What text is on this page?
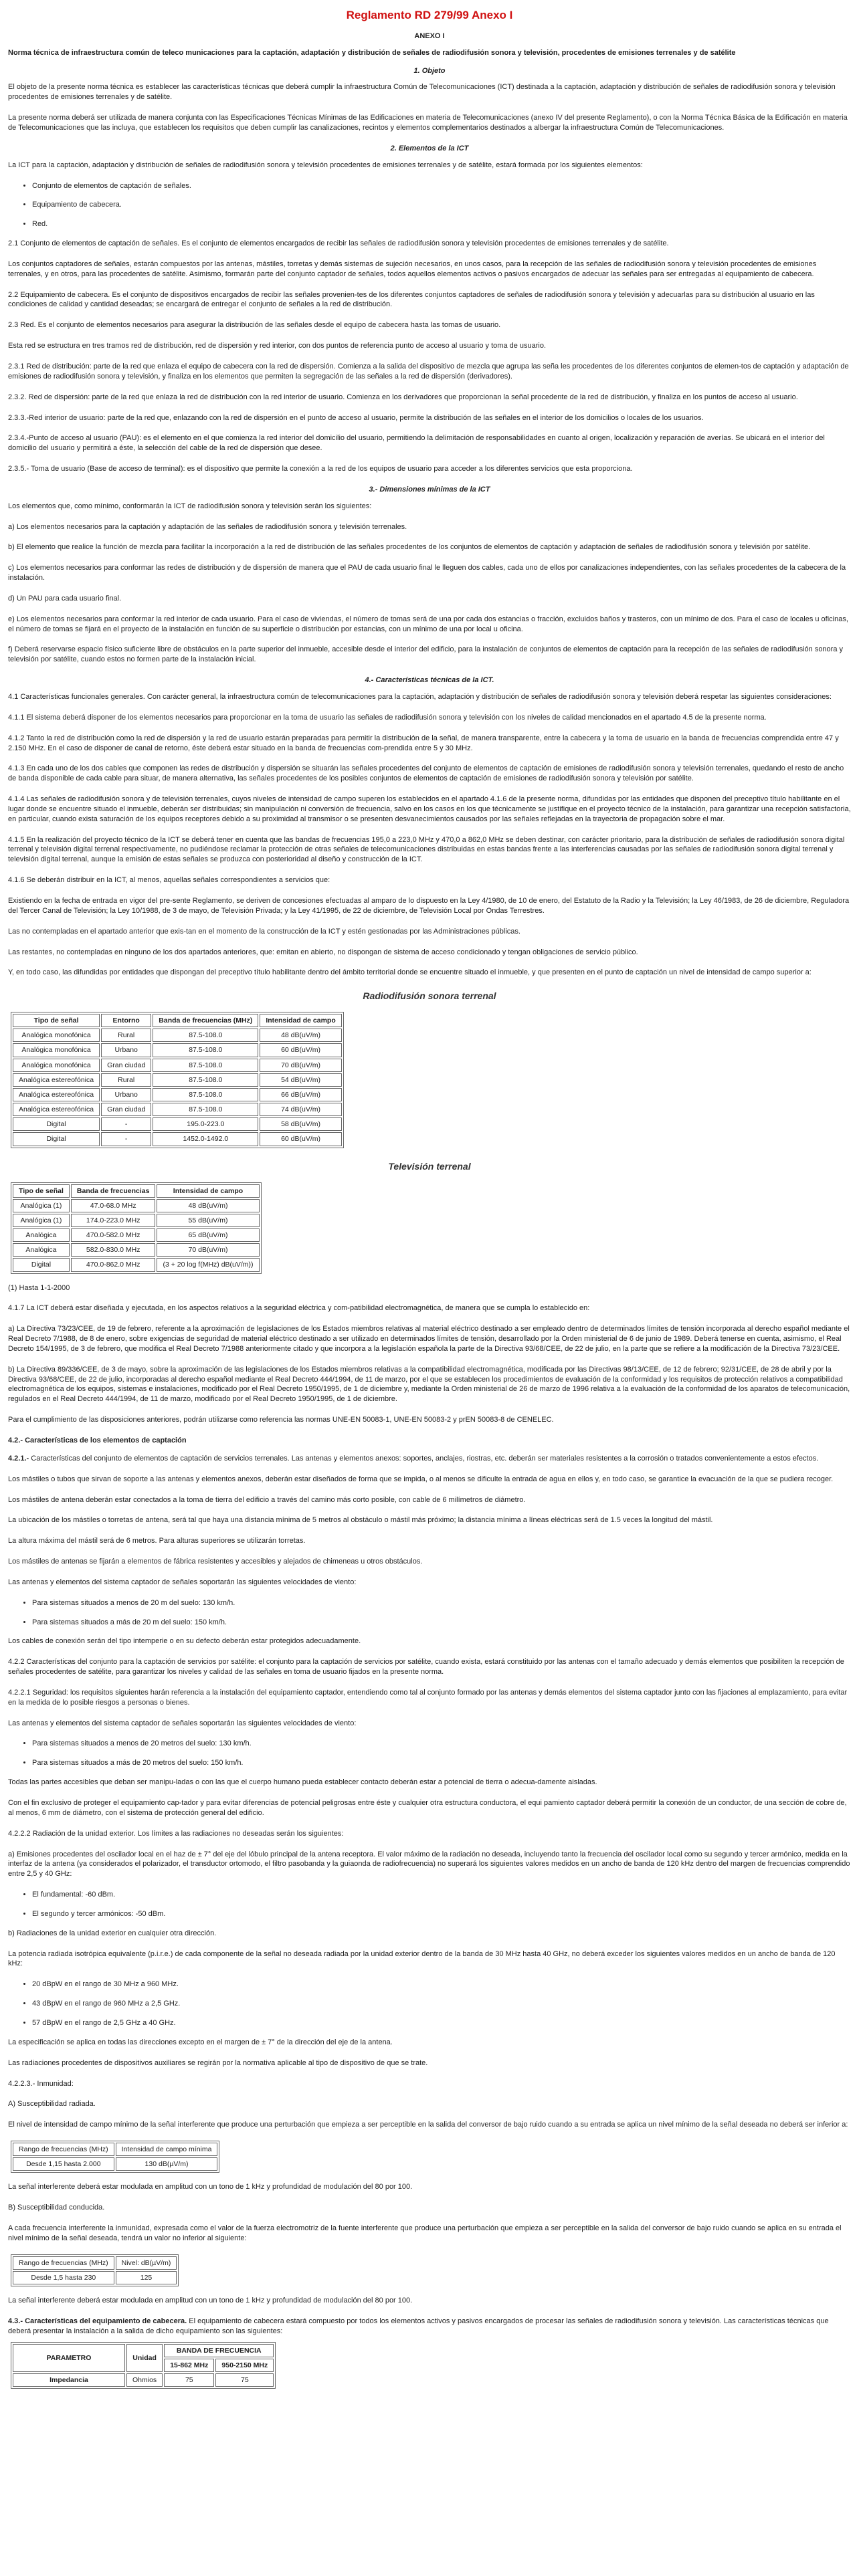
Reglamento RD 279/99 Anexo I
ANEXO I
Norma técnica de infraestructura común de teleco municaciones para la captación, adaptación y distribución de señales de radiodifusión sonora y televisión, procedentes de emisiones terrenales y de satélite
1. Objeto

El objeto de la presente norma técnica es establecer las características técnicas que deberá cumplir la infraestructura Común de Telecomunicaciones (ICT) destinada a la captación, adaptación y distribución de señales de radiodifusión sonora y televisión procedentes de emisiones terrenales y de satélite.

La presente norma deberá ser utilizada de manera conjunta con las Especificaciones Técnicas Mínimas de las Edificaciones en materia de Telecomunicaciones (anexo IV del presente Reglamento), o con la Norma Técnica Básica de la Edificación en materia de Telecomunicaciones que las incluya, que establecen los requisitos que deben cumplir las canalizaciones, recintos y elementos complementarios destinados a albergar la infraestructura Común de Telecomunicaciones.

2. Elementos de la ICT

La ICT para la captación, adaptación y distribución de señales de radiodifusión sonora y televisión procedentes de emisiones terrenales y de satélite, estará formada por los siguientes elementos:

• Conjunto de elementos de captación de señales.
• Equipamiento de cabecera.
• Red.

2.1 Conjunto de elementos de captación de señales. Es el conjunto de elementos encargados de recibir las señales de radiodifusión sonora y televisión procedentes de emisiones terrenales y de satélite.

Los conjuntos captadores de señales, estarán compuestos por las antenas, mástiles, torretas y demás sistemas de sujeción necesarios, en unos casos, para la recepción de las señales de radiodifusión sonora y televisión procedentes de emisiones terrenales, y en otros, para las procedentes de satélite. Asimismo, formarán parte del conjunto captador de señales, todos aquellos elementos activos o pasivos encargados de adecuar las señales para ser entregadas al equipamiento de cabecera.

2.2 Equipamiento de cabecera. Es el conjunto de dispositivos encargados de recibir las señales provenien-tes de los diferentes conjuntos captadores de señales de radiodifusión sonora y televisión y adecuarlas para su distribución al usuario en las condiciones de calidad y cantidad deseadas; se encargará de entregar el conjunto de señales a la red de distribución.

2.3 Red. Es el conjunto de elementos necesarios para asegurar la distribución de las señales desde el equipo de cabecera hasta las tomas de usuario.

Esta red se estructura en tres tramos red de distribución, red de dispersión y red interior, con dos puntos de referencia punto de acceso al usuario y toma de usuario.

2.3.1 Red de distribución: parte de la red que enlaza el equipo de cabecera con la red de dispersión. Comienza a la salida del dispositivo de mezcla que agrupa las seña les procedentes de los diferentes conjuntos de elemen-tos de captación y adaptación de emisiones de radiodifusión sonora y televisión, y finaliza en los elementos que permiten la segregación de las señales a la red de dispersión (derivadores).

2.3.2. Red de dispersión: parte de la red que enlaza la red de distribución con la red interior de usuario. Comienza en los derivadores que proporcionan la señal procedente de la red de distribución, y finaliza en los puntos de acceso al usuario.

2.3.3.-Red interior de usuario: parte de la red que, enlazando con la red de dispersión en el punto de acceso al usuario, permite la distribución de las señales en el interior de los domicilios o locales de los usuarios.

2.3.4.-Punto de acceso al usuario (PAU): es el elemento en el que comienza la red interior del domicilio del usuario, permitiendo la delimitación de responsabilidades en cuanto al origen, localización y reparación de averías. Se ubicará en el interior del domicilio del usuario y permitirá a éste, la selección del cable de la red de dispersión que desee.

2.3.5.- Toma de usuario (Base de acceso de terminal): es el dispositivo que permite la conexión a la red de los equipos de usuario para acceder a los diferentes servicios que esta proporciona.

3.- Dimensiones mínimas de la ICT

Los elementos que, como mínimo, conformarán la ICT de radiodifusión sonora y televisión serán los siguientes:

a) Los elementos necesarios para la captación y adaptación de las señales de radiodifusión sonora y televisión terrenales.

b) El elemento que realice la función de mezcla para facilitar la incorporación a la red de distribución de las señales procedentes de los conjuntos de elementos de captación y adaptación de señales de radiodifusión sonora y televisión por satélite.

c) Los elementos necesarios para conformar las redes de distribución y de dispersión de manera que el PAU de cada usuario final le lleguen dos cables, cada uno de ellos por canalizaciones independientes, con las señales procedentes de la cabecera de la instalación.

d) Un PAU para cada usuario final.

e) Los elementos necesarios para conformar la red interior de cada usuario. Para el caso de viviendas, el número de tomas será de una por cada dos estancias o fracción, excluidos baños y trasteros, con un mínimo de dos. Para el caso de locales u oficinas, el número de tomas se fijará en el proyecto de la instalación en función de su superficie o distribución por estancias, con un mínimo de una por local u oficina.

f) Deberá reservarse espacio físico suficiente libre de obstáculos en la parte superior del inmueble, accesible desde el interior del edificio, para la instalación de conjuntos de elementos de captación para la recepción de las señales de radiodifusión sonora y televisión por satélite, cuando estos no formen parte de la instalación inicial.

4.- Características técnicas de la ICT.

4.1 Características funcionales generales. Con carácter general, la infraestructura común de telecomunicaciones para la captación, adaptación y distribución de señales de radiodifusión sonora y televisión deberá respetar las siguientes consideraciones:

4.1.1 El sistema deberá disponer de los elementos necesarios para proporcionar en la toma de usuario las señales de radiodifusión sonora y televisión con los niveles de calidad mencionados en el apartado 4.5 de la presente norma.

4.1.2 Tanto la red de distribución como la red de dispersión y la red de usuario estarán preparadas para permitir la distribución de la señal, de manera transparente, entre la cabecera y la toma de usuario en la banda de frecuencias comprendida entre 47 y 2.150 MHz. En el caso de disponer de canal de retorno, éste deberá estar situado en la banda de frecuencias com-prendida entre 5 y 30 MHz.

4.1.3 En cada uno de los dos cables que componen las redes de distribución y dispersión se situarán las señales procedentes del conjunto de elementos de captación de emisiones de radiodifusión sonora y televisión terrenales, quedando el resto de ancho de banda disponible de cada cable para situar, de manera alternativa, las señales procedentes de los posibles conjuntos de elementos de captación de emisiones de radiodifusión sonora y televisión por satélite.

4.1.4 Las señales de radiodifusión sonora y de televisión terrenales, cuyos niveles de intensidad de campo superen los establecidos en el apartado 4.1.6 de la presente norma, difundidas por las entidades que disponen del preceptivo título habilitante en el lugar donde se encuentre situado el inmueble, deberán ser distribuidas; sin manipulación ni conversión de frecuencia, salvo en los casos en los que técnicamente se justifique en el proyecto técnico de la instalación, para garantizar una recepción satisfactoria, en particular, cuando exista saturación de los equipos receptores debido a su proximidad al transmisor o se presenten desvanecimientos causados por las señales reflejadas en la trayectoria de propagación sobre el mar.

4.1.5 En la realización del proyecto técnico de la ICT se deberá tener en cuenta que las bandas de frecuencias 195,0 a 223,0 MHz y 470,0 a 862,0 MHz se deben destinar, con carácter prioritario, para la distribución de señales de radiodifusión sonora digital terrenal y televisión digital terrenal respectivamente, no pudiéndose reclamar la protección de otras señales de telecomunicaciones distribuidas en estas bandas frente a las interferencias causadas por las señales de radiodifusión sonora digital terrenal y televisión digital terrenal, aunque la emisión de estas señales se produzca con posterioridad al diseño y construcción de la ICT.

4.1.6 Se deberán distribuir en la ICT, al menos, aquellas señales correspondientes a servicios que:

Existiendo en la fecha de entrada en vigor del pre-sente Reglamento, se deriven de concesiones efectuadas al amparo de lo dispuesto en la Ley 4/1980, de 10 de enero, del Estatuto de la Radio y la Televisión; la Ley 46/1983, de 26 de diciembre, Reguladora del Tercer Canal de Televisión; la Ley 10/1988, de 3 de mayo, de Televisión Privada; y la Ley 41/1995, de 22 de diciembre, de Televisión Local por Ondas Terrestres.

Las no contempladas en el apartado anterior que exis-tan en el momento de la construcción de la ICT y estén gestionadas por las Administraciones públicas.

Las restantes, no contempladas en ninguno de los dos apartados anteriores, que: emitan en abierto, no dispongan de sistema de acceso condicionado y tengan obligaciones de servicio público.

Y, en todo caso, las difundidas por entidades que dispongan del preceptivo título habilitante dentro del ámbito territorial donde se encuentre situado el inmueble, y que presenten en el punto de captación un nivel de intensidad de campo superior a:

Radiodifusión sonora terrenal
Tipo de señal	Entorno	Banda de frecuencias (MHz)	Intensidad de campo
Analógica monofónica	Rural	87.5-108.0	48 dB(uV/m)
Analógica monofónica	Urbano	87.5-108.0	60 dB(uV/m)
Analógica monofónica	Gran ciudad	87.5-108.0	70 dB(uV/m)
Analógica estereofónica	Rural	87.5-108.0	54 dB(uV/m)
Analógica estereofónica	Urbano	87.5-108.0	66 dB(uV/m)
Analógica estereofónica	Gran ciudad	87.5-108.0	74 dB(uV/m)
Digital	-	195.0-223.0	58 dB(uV/m)
Digital	-	1452.0-1492.0	60 dB(uV/m)
Televisión terrenal
Tipo de señal	Banda de frecuencias	Intensidad de campo
Analógica (1)	47.0-68.0 MHz	48 dB(uV/m)
Analógica (1)	174.0-223.0 MHz	55 dB(uV/m)
Analógica	470.0-582.0 MHz	65 dB(uV/m)
Analógica	582.0-830.0 MHz	70 dB(uV/m)
Digital	470.0-862.0 MHz	(3 + 20 log f(MHz) dB(uV/m))

(1) Hasta 1-1-2000

4.1.7 La ICT deberá estar diseñada y ejecutada, en los aspectos relativos a la seguridad eléctrica y com-patibilidad electromagnética, de manera que se cumpla lo establecido en:

a) La Directiva 73/23/CEE, de 19 de febrero, referente a la aproximación de legislaciones de los Estados miembros relativas al material eléctrico destinado a ser empleado dentro de determinados límites de tensión incorporada al derecho español mediante el Real Decreto 7/1988, de 8 de enero, sobre exigencias de seguridad de material eléctrico destinado a ser utilizado en determinados límites de tensión, desarrollado por la Orden ministerial de 6 de junio de 1989. Deberá tenerse en cuenta, asimismo, el Real Decreto 154/1995, de 3 de febrero, que modifica el Real Decreto 7/1988 anteriormente citado y que incorpora a la legislación española la parte de la Directiva 93/68/CEE, de 22 de julio, en la parte que se refiere a la modificación de la Directiva 73/23/CEE.

b) La Directiva 89/336/CEE, de 3 de mayo, sobre la aproximación de las legislaciones de los Estados miembros relativas a la compatibilidad electromagnética, modificada por las Directivas 98/13/CEE, de 12 de febrero; 92/31/CEE, de 28 de abril y por la Directiva 93/68/CEE, de 22 de julio, incorporadas al derecho español mediante el Real Decreto 444/1994, de 11 de marzo, por el que se establecen los procedimientos de evaluación de la conformidad y los requisitos de protección relativos a compatibilidad electromagnética de los equipos, sistemas e instalaciones, modificado por el Real Decreto 1950/1995, de 1 de diciembre y, mediante la Orden ministerial de 26 de marzo de 1996 relativa a la evaluación de la conformidad de los aparatos de telecomunicación, regulados en el Real Decreto 444/1994, de 11 de marzo, modificado por el Real Decreto 1950/1995, de 1 de diciembre.

Para el cumplimiento de las disposiciones anteriores, podrán utilizarse como referencia las normas UNE-EN 50083-1, UNE-EN 50083-2 y prEN 50083-8 de CENELEC.

4.2.- Características de los elementos de captación

4.2.1.- Características del conjunto de elementos de captación de servicios terrenales. Las antenas y elementos anexos: soportes, anclajes, riostras, etc. deberán ser materiales resistentes a la corrosión o tratados convenientemente a estos efectos.

Los mástiles o tubos que sirvan de soporte a las antenas y elementos anexos, deberán estar diseñados de forma que se impida, o al menos se dificulte la entrada de agua en ellos y, en todo caso, se garantice la evacuación de la que se pudiera recoger.

Los mástiles de antena deberán estar conectados a la toma de tierra del edificio a través del camino más corto posible, con cable de 6 milímetros de diámetro.

La ubicación de los mástiles o torretas de antena, será tal que haya una distancia mínima de 5 metros al obstáculo o mástil más próximo; la distancia mínima a líneas eléctricas será de 1.5 veces la longitud del mástil.

La altura máxima del mástil será de 6 metros. Para alturas superiores se utilizarán torretas.

Los mástiles de antenas se fijarán a elementos de fábrica resistentes y accesibles y alejados de chimeneas u otros obstáculos.

Las antenas y elementos del sistema captador de señales soportarán las siguientes velocidades de viento:

• Para sistemas situados a menos de 20 m del suelo: 130 km/h.
• Para sistemas situados a más de 20 m del suelo: 150 km/h.

Los cables de conexión serán del tipo intemperie o en su defecto deberán estar protegidos adecuadamente.

4.2.2 Características del conjunto para la captación de servicios por satélite: el conjunto para la captación de servicios por satélite, cuando exista, estará constituido por las antenas con el tamaño adecuado y demás elementos que posibiliten la recepción de señales procedentes de satélite, para garantizar los niveles y calidad de las señales en toma de usuario fijados en la presente norma.

4.2.2.1 Seguridad: los requisitos siguientes harán referencia a la instalación del equipamiento captador, entendiendo como tal al conjunto formado por las antenas y demás elementos del sistema captador junto con las fijaciones al emplazamiento, para evitar en la medida de lo posible riesgos a personas o bienes.

Las antenas y elementos del sistema captador de señales soportarán las siguientes velocidades de viento:

• Para sistemas situados a menos de 20 metros del suelo: 130 km/h.
• Para sistemas situados a más de 20 metros del suelo: 150 km/h.

Todas las partes accesibles que deban ser manipu-ladas o con las que el cuerpo humano pueda establecer contacto deberán estar a potencial de tierra o adecua-damente aisladas.

Con el fin exclusivo de proteger el equipamiento cap-tador y para evitar diferencias de potencial peligrosas entre éste y cualquier otra estructura conductora, el equi pamiento captador deberá permitir la conexión de un conductor, de una sección de cobre de, al menos, 6 mm de diámetro, con el sistema de protección general del edificio.

4.2.2.2 Radiación de la unidad exterior. Los límites a las radiaciones no deseadas serán los siguientes:

a) Emisiones procedentes del oscilador local en el haz de ± 7° del eje del lóbulo principal de la antena receptora. El valor máximo de la radiación no deseada, incluyendo tanto la frecuencia del oscilador local como su segundo y tercer armónico, medida en la interfaz de la antena (ya considerados el polarizador, el transductor ortomodo, el filtro pasobanda y la guiaonda de radiofrecuencia) no superará los siguientes valores medidos en un ancho de banda de 120 kHz dentro del margen de frecuencias comprendido entre 2,5 y 40 GHz:

• El fundamental: -60 dBm.
• El segundo y tercer armónicos: -50 dBm.

b) Radiaciones de la unidad exterior en cualquier otra dirección.

La potencia radiada isotrópica equivalente (p.i.r.e.) de cada componente de la señal no deseada radiada por la unidad exterior dentro de la banda de 30 MHz hasta 40 GHz, no deberá exceder los siguientes valores medidos en un ancho de banda de 120 kHz:

• 20 dBpW en el rango de 30 MHz a 960 MHz.
• 43 dBpW en el rango de 960 MHz a 2,5 GHz.
• 57 dBpW en el rango de 2,5 GHz a 40 GHz.

La especificación se aplica en todas las direcciones excepto en el margen de ± 7° de la dirección del eje de la antena.

Las radiaciones procedentes de dispositivos auxiliares se regirán por la normativa aplicable al tipo de dispositivo de que se trate.

4.2.2.3.- Inmunidad:

A) Susceptibilidad radiada.

El nivel de intensidad de campo mínimo de la señal interferente que produce una perturbación que empieza a ser perceptible en la salida del conversor de bajo ruido cuando a su entrada se aplica un nivel mínimo de la señal deseada no deberá ser inferior a:

Rango de frecuencias (MHz)	Intensidad de campo mínima
Desde 1,15 hasta 2.000	130 dB(µV/m)

La señal interferente deberá estar modulada en amplitud con un tono de 1 kHz y profundidad de modulación del 80 por 100.

B) Susceptibilidad conducida.

A cada frecuencia interferente la inmunidad, expresada como el valor de la fuerza electromotriz de la fuente interferente que produce una perturbación que empieza a ser perceptible en la salida del conversor de bajo ruido cuando se aplica en su entrada el nivel mínimo de la señal deseada, tendrá un valor no inferior al siguiente:

Rango de frecuencias (MHz)	Nivel: dB(µV/m)
Desde 1,5 hasta 230	125

La señal interferente deberá estar modulada en amplitud con un tono de 1 kHz y profundidad de modulación del 80 por 100.

4.3.- Características del equipamiento de cabecera. El equipamiento de cabecera estará compuesto por todos los elementos activos y pasivos encargados de procesar las señales de radiodifusión sonora y televisión. Las características técnicas que deberá presentar la instalación a la salida de dicho equipamiento son las siguientes:

PARAMETRO	Unidad	BANDA DE FRECUENCIA	
		15-862 MHz	950-2150 MHz
Impedancia	Ohmios	75	75
